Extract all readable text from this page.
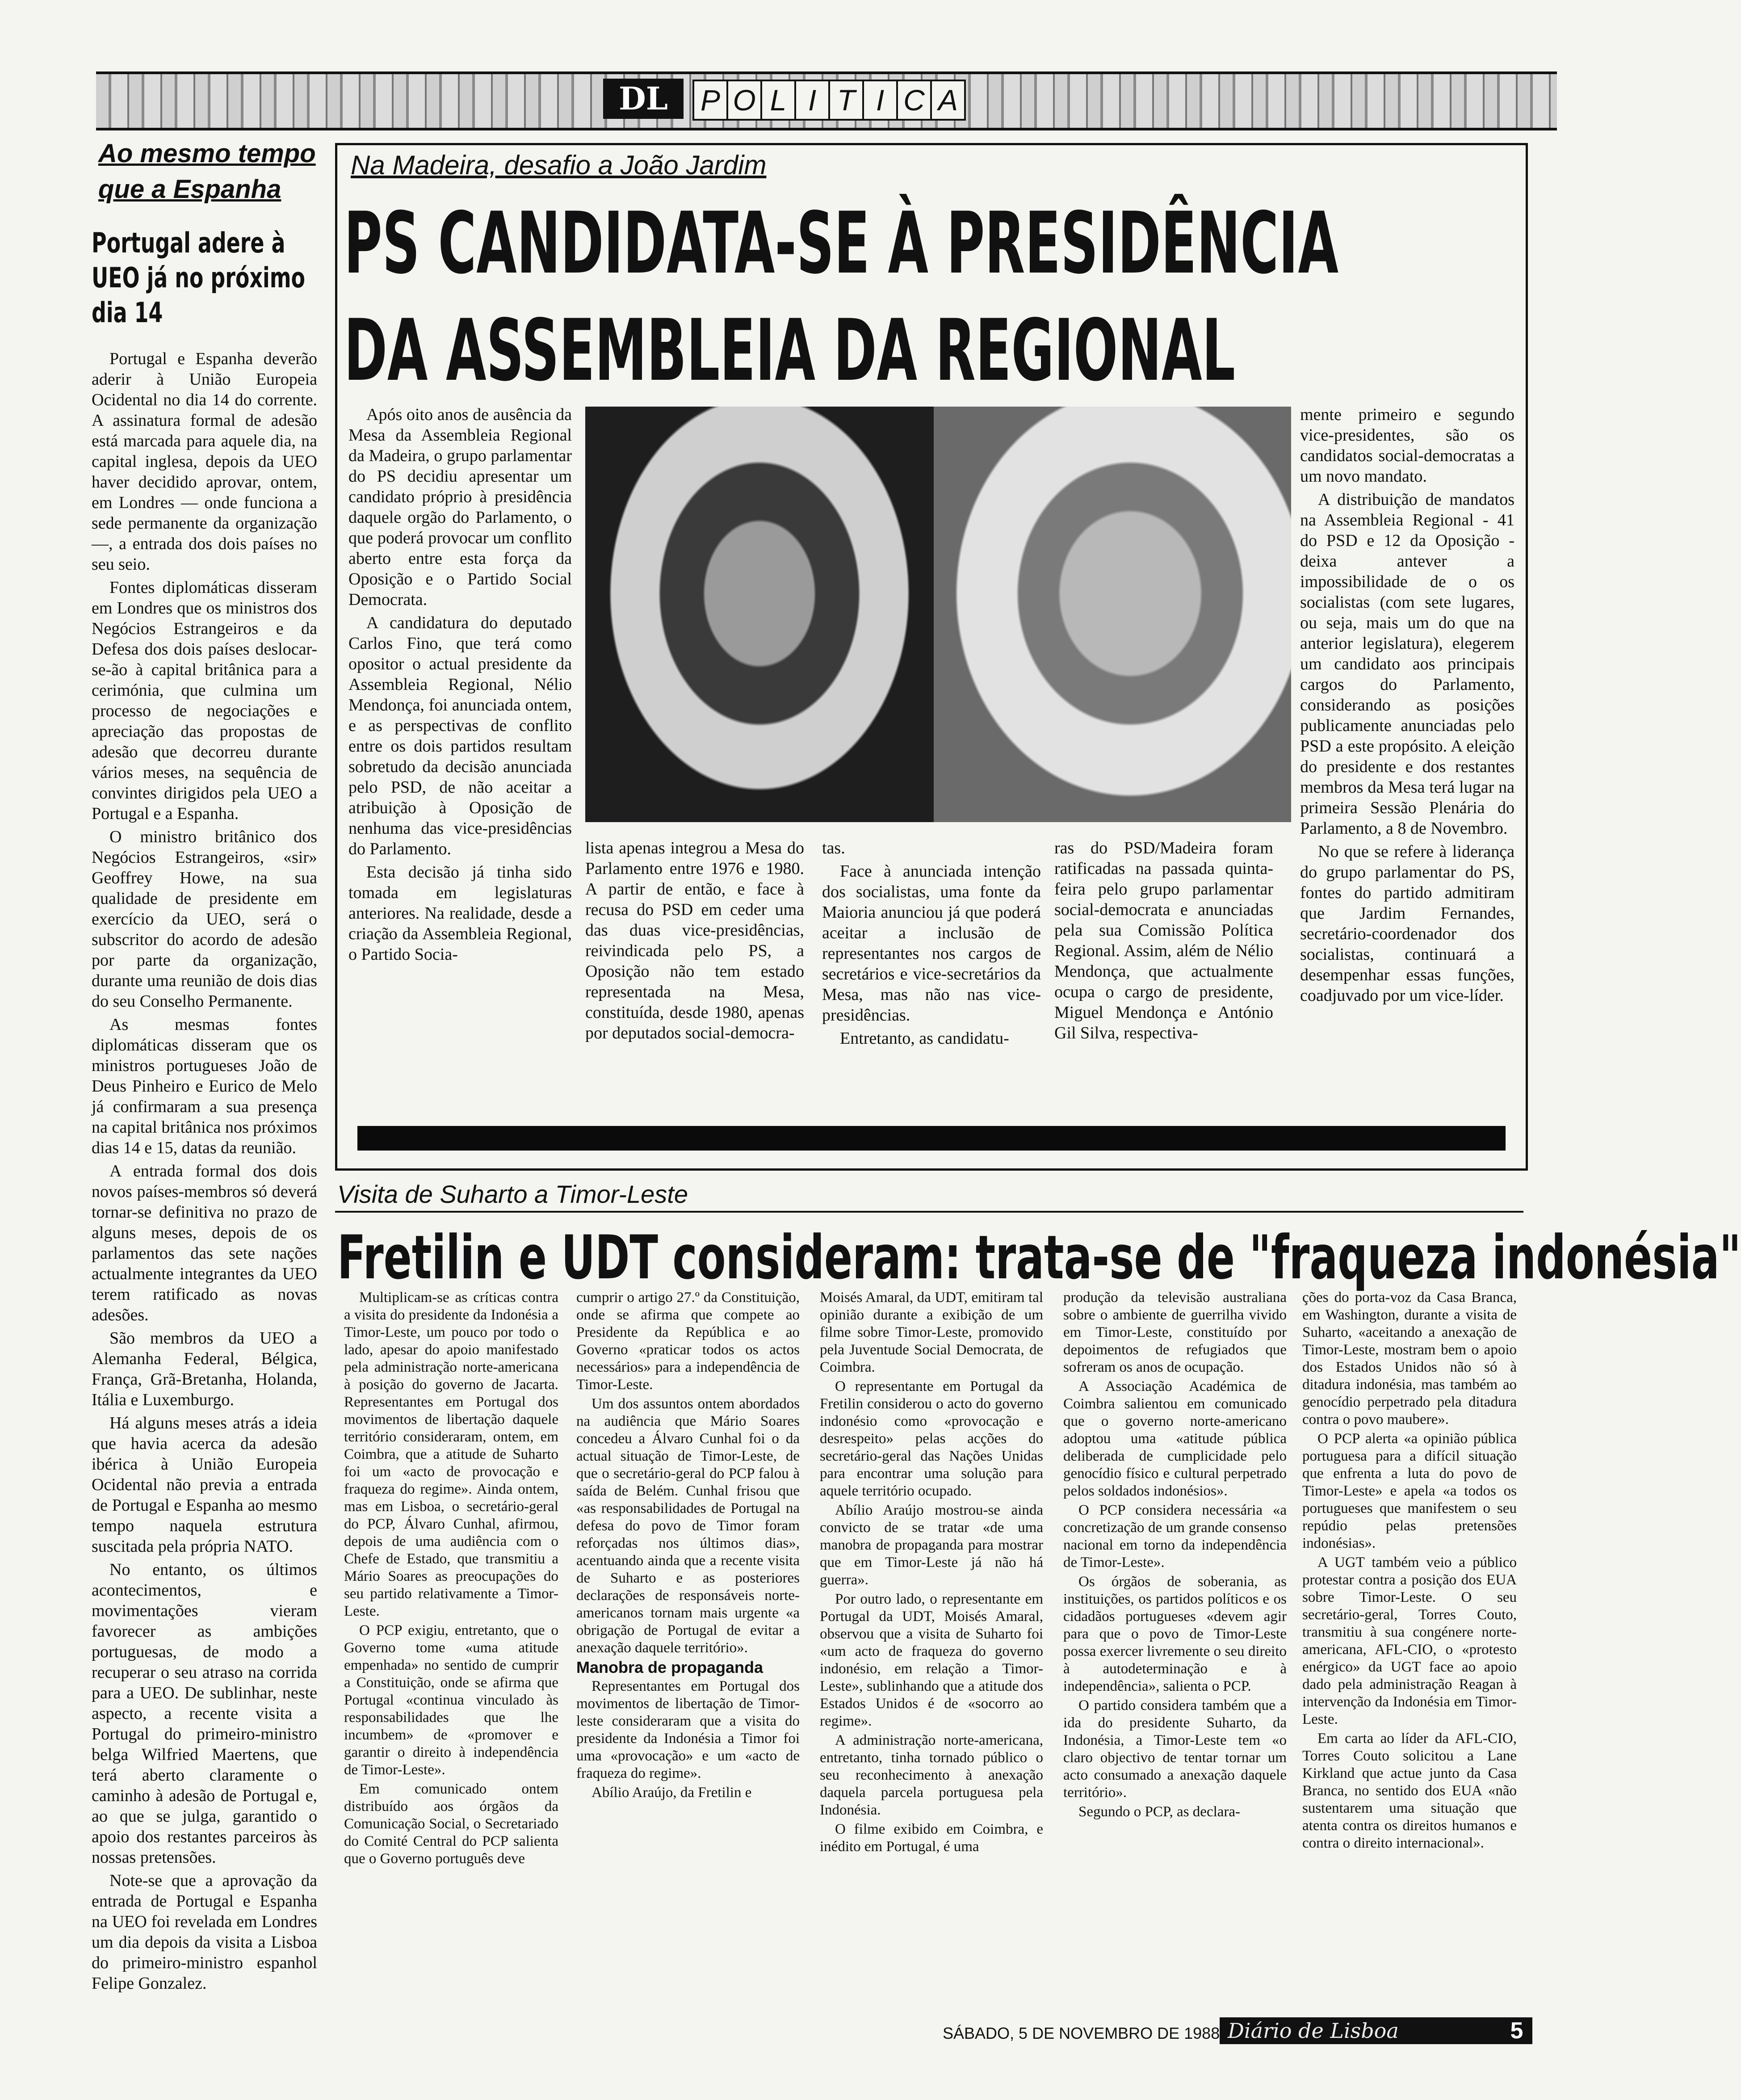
DL	P O L I T I C A
Ao mesmo tempo
que a Espanha
Portugal adere à UEO já no próximo dia 14

Portugal e Espanha deverão aderir à União Europeia Ocidental no dia 14 do corrente. A assinatura formal de adesão está marcada para aquele dia, na capital inglesa, depois da UEO haver decidido aprovar, ontem, em Londres — onde funciona a sede permanente da organização —, a entrada dos dois países no seu seio.

Fontes diplomáticas disseram em Londres que os ministros dos Negócios Estrangeiros e da Defesa dos dois países deslocar-se-ão à capital britânica para a cerimónia, que culmina um processo de negociações e apreciação das propostas de adesão que decorreu durante vários meses, na sequência de convintes dirigidos pela UEO a Portugal e a Espanha.

O ministro britânico dos Negócios Estrangeiros, «sir» Geoffrey Howe, na sua qualidade de presidente em exercício da UEO, será o subscritor do acordo de adesão por parte da organização, durante uma reunião de dois dias do seu Conselho Permanente.

As mesmas fontes diplomáticas disseram que os ministros portugueses João de Deus Pinheiro e Eurico de Melo já confirmaram a sua presença na capital britânica nos próximos dias 14 e 15, datas da reunião.

A entrada formal dos dois novos países-membros só deverá tornar-se definitiva no prazo de alguns meses, depois de os parlamentos das sete nações actualmente integrantes da UEO terem ratificado as novas adesões.

São membros da UEO a Alemanha Federal, Bélgica, França, Grã-Bretanha, Holanda, Itália e Luxemburgo.

Há alguns meses atrás a ideia que havia acerca da adesão ibérica à União Europeia Ocidental não previa a entrada de Portugal e Espanha ao mesmo tempo naquela estrutura suscitada pela própria NATO.

No entanto, os últimos acontecimentos, e movimentações vieram favorecer as ambições portuguesas, de modo a recuperar o seu atraso na corrida para a UEO. De sublinhar, neste aspecto, a recente visita a Portugal do primeiro-ministro belga Wilfried Maertens, que terá aberto claramente o caminho à adesão de Portugal e, ao que se julga, garantido o apoio dos restantes parceiros às nossas pretensões.

Note-se que a aprovação da entrada de Portugal e Espanha na UEO foi revelada em Londres um dia depois da visita a Lisboa do primeiro-ministro espanhol Felipe Gonzalez.

Na Madeira, desafio a João Jardim
PS CANDIDATA-SE À PRESIDÊNCIA
DA ASSEMBLEIA DA REGIONAL

Após oito anos de ausência da Mesa da Assembleia Regional da Madeira, o grupo parlamentar do PS decidiu apresentar um candidato próprio à presidência daquele orgão do Parlamento, o que poderá provocar um conflito aberto entre esta força da Oposição e o Partido Social Democrata.

A candidatura do deputado Carlos Fino, que terá como opositor o actual presidente da Assembleia Regional, Nélio Mendonça, foi anunciada ontem, e as perspectivas de conflito entre os dois partidos resultam sobretudo da decisão anunciada pelo PSD, de não aceitar a atribuição à Oposição de nenhuma das vice-presidências do Parlamento.

Esta decisão já tinha sido tomada em legislaturas anteriores. Na realidade, desde a criação da Assembleia Regional, o Partido Socia-

lista apenas integrou a Mesa do Parlamento entre 1976 e 1980. A partir de então, e face à recusa do PSD em ceder uma das duas vice-presidências, reivindicada pelo PS, a Oposição não tem estado representada na Mesa, constituída, desde 1980, apenas por deputados social-democra-

tas.

Face à anunciada intenção dos socialistas, uma fonte da Maioria anunciou já que poderá aceitar a inclusão de representantes nos cargos de secretários e vice-secretários da Mesa, mas não nas vice-presidências.

Entretanto, as candidatu-

ras do PSD/Madeira foram ratificadas na passada quinta-feira pelo grupo parlamentar social-democrata e anunciadas pela sua Comissão Política Regional. Assim, além de Nélio Mendonça, que actualmente ocupa o cargo de presidente, Miguel Mendonça e António Gil Silva, respectiva-

mente primeiro e segundo vice-presidentes, são os candidatos social-democratas a um novo mandato.

A distribuição de mandatos na Assembleia Regional - 41 do PSD e 12 da Oposição - deixa antever a impossibilidade de o os socialistas (com sete lugares, ou seja, mais um do que na anterior legislatura), elegerem um candidato aos principais cargos do Parlamento, considerando as posições publicamente anunciadas pelo PSD a este propósito. A eleição do presidente e dos restantes membros da Mesa terá lugar na primeira Sessão Plenária do Parlamento, a 8 de Novembro.

No que se refere à liderança do grupo parlamentar do PS, fontes do partido admitiram que Jardim Fernandes, secretário-coordenador dos socialistas, continuará a desempenhar essas funções, coadjuvado por um vice-líder.

Visita de Suharto a Timor-Leste
Fretilin e UDT consideram: trata-se de "fraqueza indonésia"

Multiplicam-se as críticas contra a visita do presidente da Indonésia a Timor-Leste, um pouco por todo o lado, apesar do apoio manifestado pela administração norte-americana à posição do governo de Jacarta. Representantes em Portugal dos movimentos de libertação daquele território consideraram, ontem, em Coimbra, que a atitude de Suharto foi um «acto de provocação e fraqueza do regime». Ainda ontem, mas em Lisboa, o secretário-geral do PCP, Álvaro Cunhal, afirmou, depois de uma audiência com o Chefe de Estado, que transmitiu a Mário Soares as preocupações do seu partido relativamente a Timor-Leste.

O PCP exigiu, entretanto, que o Governo tome «uma atitude empenhada» no sentido de cumprir a Constituição, onde se afirma que Portugal «continua vinculado às responsabilidades que lhe incumbem» de «promover e garantir o direito à independência de Timor-Leste».

Em comunicado ontem distribuído aos órgãos da Comunicação Social, o Secretariado do Comité Central do PCP salienta que o Governo português deve

cumprir o artigo 27.º da Constituição, onde se afirma que compete ao Presidente da República e ao Governo «praticar todos os actos necessários» para a independência de Timor-Leste.

Um dos assuntos ontem abordados na audiência que Mário Soares concedeu a Álvaro Cunhal foi o da actual situação de Timor-Leste, de que o secretário-geral do PCP falou à saída de Belém. Cunhal frisou que «as responsabilidades de Portugal na defesa do povo de Timor foram reforçadas nos últimos dias», acentuando ainda que a recente visita de Suharto e as posteriores declarações de responsáveis norte-americanos tornam mais urgente «a obrigação de Portugal de evitar a anexação daquele território».

Manobra de propaganda

Representantes em Portugal dos movimentos de libertação de Timor-leste consideraram que a visita do presidente da Indonésia a Timor foi uma «provocação» e um «acto de fraqueza do regime».

Abílio Araújo, da Fretilin e

Moisés Amaral, da UDT, emitiram tal opinião durante a exibição de um filme sobre Timor-Leste, promovido pela Juventude Social Democrata, de Coimbra.

O representante em Portugal da Fretilin considerou o acto do governo indonésio como «provocação e desrespeito» pelas acções do secretário-geral das Nações Unidas para encontrar uma solução para aquele território ocupado.

Abílio Araújo mostrou-se ainda convicto de se tratar «de uma manobra de propaganda para mostrar que em Timor-Leste já não há guerra».

Por outro lado, o representante em Portugal da UDT, Moisés Amaral, observou que a visita de Suharto foi «um acto de fraqueza do governo indonésio, em relação a Timor-Leste», sublinhando que a atitude dos Estados Unidos é de «socorro ao regime».

A administração norte-americana, entretanto, tinha tornado público o seu reconhecimento à anexação daquela parcela portuguesa pela Indonésia.

O filme exibido em Coimbra, e inédito em Portugal, é uma

produção da televisão australiana sobre o ambiente de guerrilha vivido em Timor-Leste, constituído por depoimentos de refugiados que sofreram os anos de ocupação.

A Associação Académica de Coimbra salientou em comunicado que o governo norte-americano adoptou uma «atitude pública deliberada de cumplicidade pelo genocídio físico e cultural perpetrado pelos soldados indonésios».

O PCP considera necessária «a concretização de um grande consenso nacional em torno da independência de Timor-Leste».

Os órgãos de soberania, as instituições, os partidos políticos e os cidadãos portugueses «devem agir para que o povo de Timor-Leste possa exercer livremente o seu direito à autodeterminação e à independência», salienta o PCP.

O partido considera também que a ida do presidente Suharto, da Indonésia, a Timor-Leste tem «o claro objectivo de tentar tornar um acto consumado a anexação daquele território».

Segundo o PCP, as declara-

ções do porta-voz da Casa Branca, em Washington, durante a visita de Suharto, «aceitando a anexação de Timor-Leste, mostram bem o apoio dos Estados Unidos não só à ditadura indonésia, mas também ao genocídio perpetrado pela ditadura contra o povo maubere».

O PCP alerta «a opinião pública portuguesa para a difícil situação que enfrenta a luta do povo de Timor-Leste» e apela «a todos os portugueses que manifestem o seu repúdio pelas pretensões indonésias».

A UGT também veio a público protestar contra a posição dos EUA sobre Timor-Leste. O seu secretário-geral, Torres Couto, transmitiu à sua congénere norte-americana, AFL-CIO, o «protesto enérgico» da UGT face ao apoio dado pela administração Reagan à intervenção da Indonésia em Timor-Leste.

Em carta ao líder da AFL-CIO, Torres Couto solicitou a Lane Kirkland que actue junto da Casa Branca, no sentido dos EUA «não sustentarem uma situação que atenta contra os direitos humanos e contra o direito internacional».

SÁBADO, 5 DE NOVEMBRO DE 1988 Diário de Lisboa	5
